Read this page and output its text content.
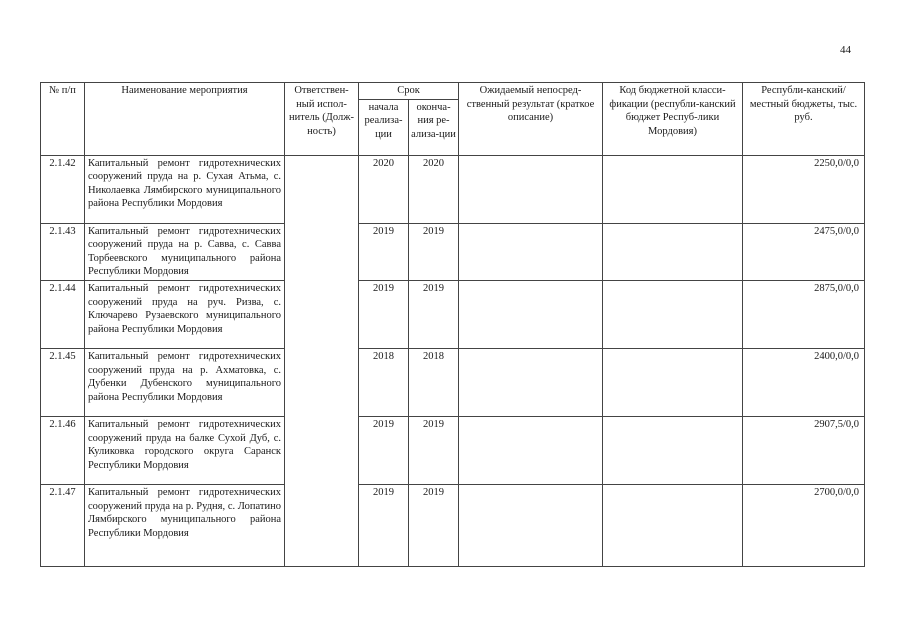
44
№ п/п	Наименование мероприятия	Ответствен-ный испол-нитель (Долж-ность)	Срок		Ожидаемый непосред-ственный результат (краткое описание)	Код бюджетной класси-фикации (республи-канский бюджет Респуб-лики Мордовия)	Республи-канский/местный бюджеты, тыс. руб.
			начала реализа-ции	оконча-ния ре-ализа-ции			
2.1.42	Капитальный ремонт гидротехнических сооружений пруда на р. Сухая Атьма, с. Николаевка Лямбирского муниципального района Республики Мордовия		2020	2020			2250,0/0,0
2.1.43	Капитальный ремонт гидротехнических сооружений пруда на р. Савва, с. Савва Торбеевского муниципального района Республики Мордовия		2019	2019			2475,0/0,0
2.1.44	Капитальный ремонт гидротехнических сооружений пруда на руч. Ризва, с. Ключарево Рузаевского муниципального района Республики Мордовия		2019	2019			2875,0/0,0
2.1.45	Капитальный ремонт гидротехнических сооружений пруда на р. Ахматовка, с. Дубенки Дубенского муниципального района Республики Мордовия		2018	2018			2400,0/0,0
2.1.46	Капитальный ремонт гидротехнических сооружений пруда на балке Сухой Дуб, с. Куликовка городского округа Саранск Республики Мордовия		2019	2019			2907,5/0,0
2.1.47	Капитальный ремонт гидротехнических сооружений пруда на р. Рудня, с. Лопатино Лямбирского муниципального района Республики Мордовия		2019	2019			2700,0/0,0
